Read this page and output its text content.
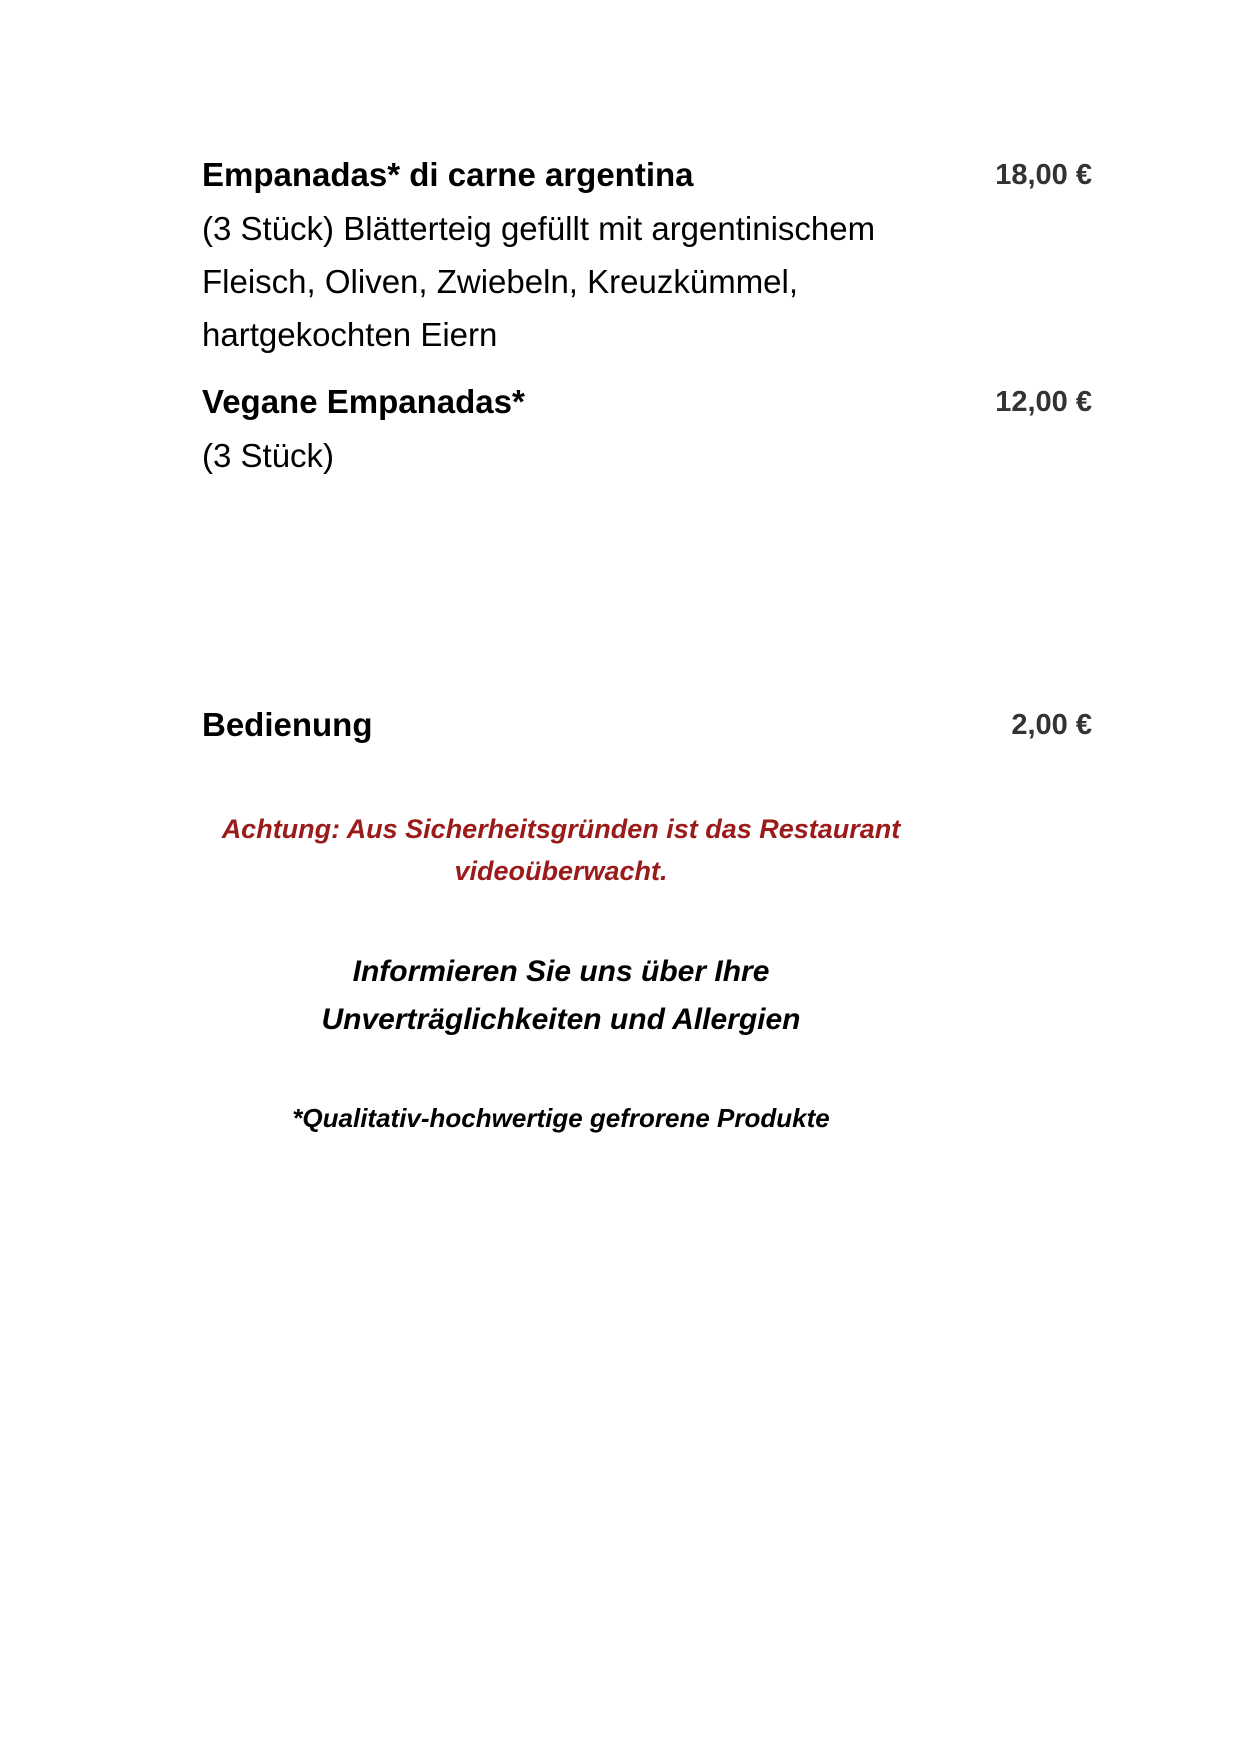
Empanadas* di carne argentina

(3 Stück) Blätterteig gefüllt mit argentinischem Fleisch, Oliven, Zwiebeln, Kreuzkümmel, hartgekochten Eiern

18,00 €
Vegane Empanadas*

(3 Stück)

12,00 €
Bedienung	2,00 €
Achtung: Aus Sicherheitsgründen ist das Restaurant
videoüberwacht.
Informieren Sie uns über Ihre
Unverträglichkeiten und Allergien
*Qualitativ-hochwertige gefrorene Produkte
